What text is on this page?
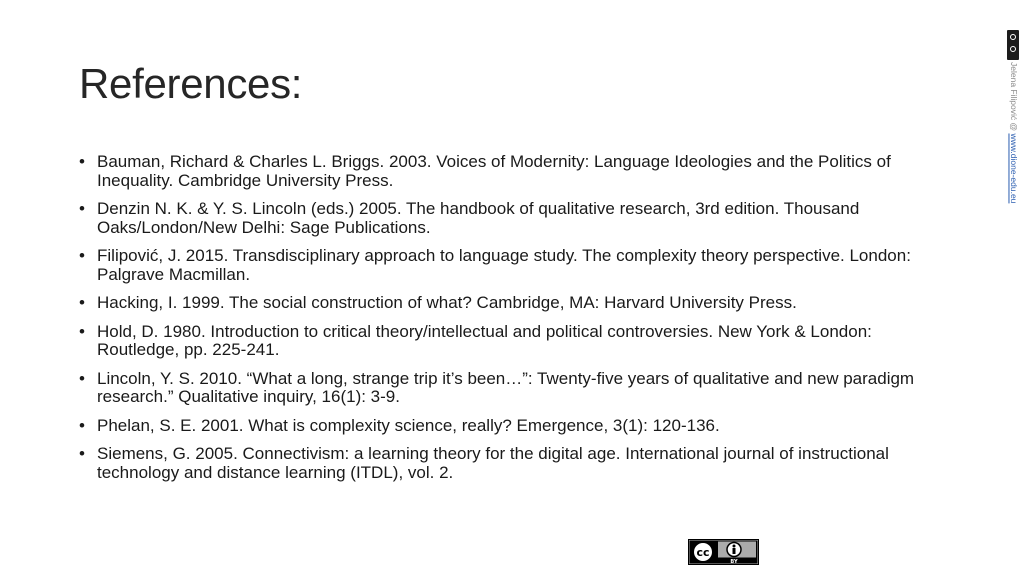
References:
• Bauman, Richard & Charles L. Briggs. 2003. Voices of Modernity: Language Ideologies and the Politics of Inequality. Cambridge University Press.
• Denzin N. K. & Y. S. Lincoln (eds.) 2005. The handbook of qualitative research, 3rd edition. Thousand Oaks/London/New Delhi: Sage Publications.
• Filipović, J. 2015. Transdisciplinary approach to language study. The complexity theory perspective. London: Palgrave Macmillan.
• Hacking, I. 1999. The social construction of what? Cambridge, MA: Harvard University Press.
• Hold, D. 1980. Introduction to critical theory/intellectual and political controversies. New York & London: Routledge, pp. 225-241.
• Lincoln, Y. S. 2010. “What a long, strange trip it’s been…”: Twenty-five years of qualitative and new paradigm research.” Qualitative inquiry, 16(1): 3-9.
• Phelan, S. E. 2001. What is complexity science, really? Emergence, 3(1): 120-136.
• Siemens, G. 2005. Connectivism: a learning theory for the digital age. International journal of instructional technology and distance learning (ITDL), vol. 2.
Jelena Filipović @ www.dione-edu.eu
cc
BY
